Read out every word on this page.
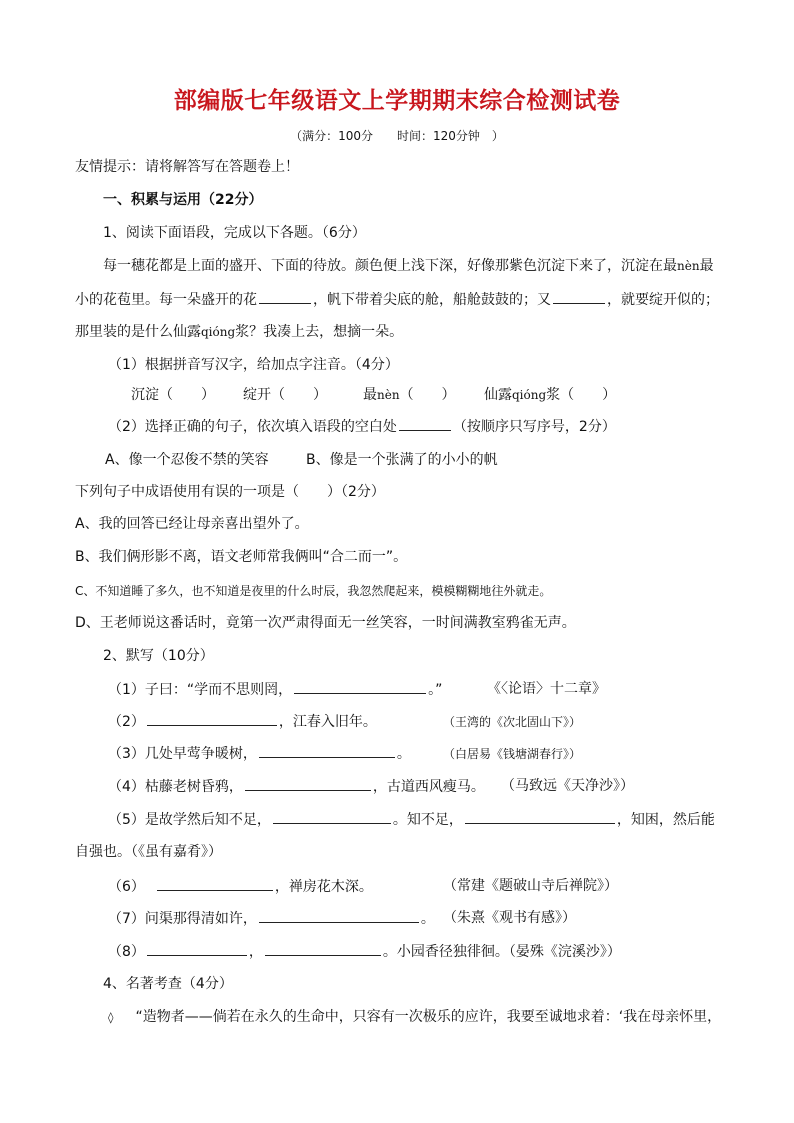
部编版七年级语文上学期期末综合检测试卷
（满分：100分　　时间：120分钟　）
友情提示：请将解答写在答题卷上！
一、积累与运用（22分）
1、阅读下面语段，完成以下各题。（6分）
每一穗花都是上面的盛开、下面的待放。颜色便上浅下深，好像那紫色沉淀下来了，沉淀在最nèn最
小的花苞里。每一朵盛开的花	，帆下带着尖底的舱，船舱鼓鼓的；又	，就要绽开似的；
那里装的是什么仙露qióng浆？我凑上去，想摘一朵。
（1）根据拼音写汉字，给加点字注音。（4分）
沉淀（　　） 绽开（　　）	最nèn（　　） 仙露qióng浆（　　）
（2）选择正确的句子，依次填入语段的空白处	（按顺序只写序号，2分）
A、像一个忍俊不禁的笑容	B、像是一个张满了的小小的帆
下列句子中成语使用有误的一项是（　　）（2分）
A、我的回答已经让母亲喜出望外了。
B、我们俩形影不离，语文老师常我俩叫“合二而一”。
C、不知道睡了多久，也不知道是夜里的什么时辰，我忽然爬起来，模模糊糊地往外就走。
D、王老师说这番话时，竟第一次严肃得面无一丝笑容，一时间满教室鸦雀无声。
2、默写（10分）
（1）子曰：“学而不思则罔，	。”	《〈论语〉十二章》
（2）	，江春入旧年。	（王湾的《次北固山下》）
（3）几处早莺争暖树，	。	（白居易《钱塘湖春行》）
（4）枯藤老树昏鸦，	，古道西风瘦马。 （马致远《天净沙》）
（5）是故学然后知不足，	。知不足，	，知困，然后能
自强也。（《虽有嘉肴》）
（6）	，禅房花木深。	（常建《题破山寺后禅院》）
（7）问渠那得清如许，	。 （朱熹《观书有感》）
（8）	，	。小园香径独徘徊。（晏殊《浣溪沙》）
4、名著考查（4分）
◊ “造物者——倘若在永久的生命中，只容有一次极乐的应许，我要至诚地求着：‘我在母亲怀里，
